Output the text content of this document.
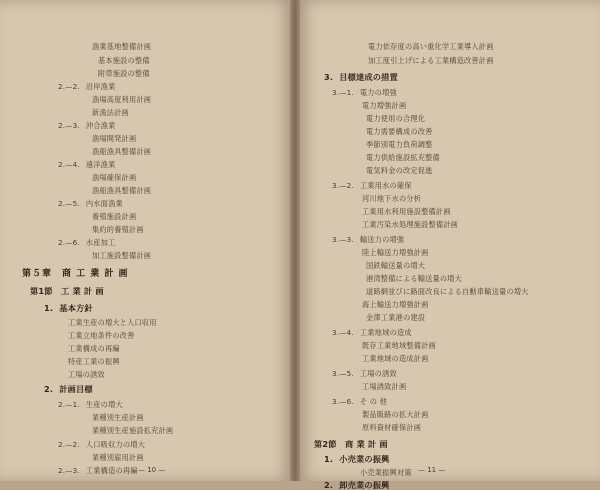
漁業基地整備計画
基本施設の整備
附帯施設の整備
2.—2. 沿岸漁業
漁場高度利用計画
新漁法計画
2.—3. 沖合漁業
漁場開発計画
漁船漁具整備計画
2.—4. 遠洋漁業
漁場確保計画
漁船漁具整備計画
2.—5. 内水面漁業
養殖施設計画
集約的養殖計画
2.—6. 水産加工
加工施設整備計画
第５章　商 工 業 計 画
第1節　工 業 計 画
1. 基本方針
工業生産の増大と人口収用
工業立地条件の改善
工業構成の再編
特産工業の振興
工場の誘致
2. 計画目標
2.—1. 生産の増大
業種別生産計画
業種別生産施設拡充計画
2.—2. 人口吸収力の増大
業種別雇用計画
2.—3. 工業構造の再編 — 10 —
電力依存度の高い重化学工業導入計画
加工度引上げによる工業構造改善計画
3. 目標達成の措置
3.—1. 電力の増強
電力増強計画
電力使用の合理化
電力需要構成の改善
季節別電力負荷調整
電力供給施設拡充整備
電気料金の改定促進
3.—2. 工業用水の確保
河川地下水の分析
工業用水利用施設整備計画
工業汚染水処理施設整備計画
3.—3. 輸送力の増強
陸上輸送力増強計画
国鉄輸送量の増大
港湾整備による輸送量の増大
道路網並びに路面改良による自動車輸送量の増大
海上輸送力増強計画
金澤工業港の建設
3.—4. 工業地域の造成
既存工業地域整備計画
工業地域の造成計画
3.—5. 工場の誘致
工場誘致計画
3.—6. そ の 他
製品販路の拡大計画
原料資材確保計画
第2節　商 業 計 画
1. 小売業の振興
小売業振興対策
2. 卸売業の振興
— 11 —
